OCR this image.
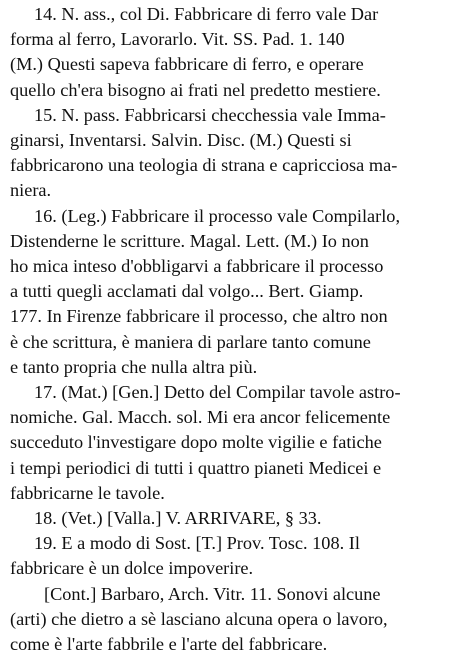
14. N. ass., col Di. Fabbricare di ferro vale Dar
forma al ferro, Lavorarlo. Vit. SS. Pad. 1. 140
(M.) Questi sapeva fabbricare di ferro, e operare
quello ch'era bisogno ai frati nel predetto mestiere.
15. N. pass. Fabbricarsi checchessia vale Imma-
ginarsi, Inventarsi. Salvin. Disc. (M.) Questi si
fabbricarono una teologia di strana e capricciosa ma-
niera.
16. (Leg.) Fabbricare il processo vale Compilarlo,
Distenderne le scritture. Magal. Lett. (M.) Io non
ho mica inteso d'obbligarvi a fabbricare il processo
a tutti quegli acclamati dal volgo... Bert. Giamp.
177. In Firenze fabbricare il processo, che altro non
è che scrittura, è maniera di parlare tanto comune
e tanto propria che nulla altra più.
17. (Mat.) [Gen.] Detto del Compilar tavole astro-
nomiche. Gal. Macch. sol. Mi era ancor felicemente
succeduto l'investigare dopo molte vigilie e fatiche
i tempi periodici di tutti i quattro pianeti Medicei e
fabbricarne le tavole.
18. (Vet.) [Valla.] V. ARRIVARE, § 33.
19. E a modo di Sost. [T.] Prov. Tosc. 108. Il
fabbricare è un dolce impoverire.
[Cont.] Barbaro, Arch. Vitr. 11. Sonovi alcune
(arti) che dietro a sè lasciano alcuna opera o lavoro,
come è l'arte fabbrile e l'arte del fabbricare.
